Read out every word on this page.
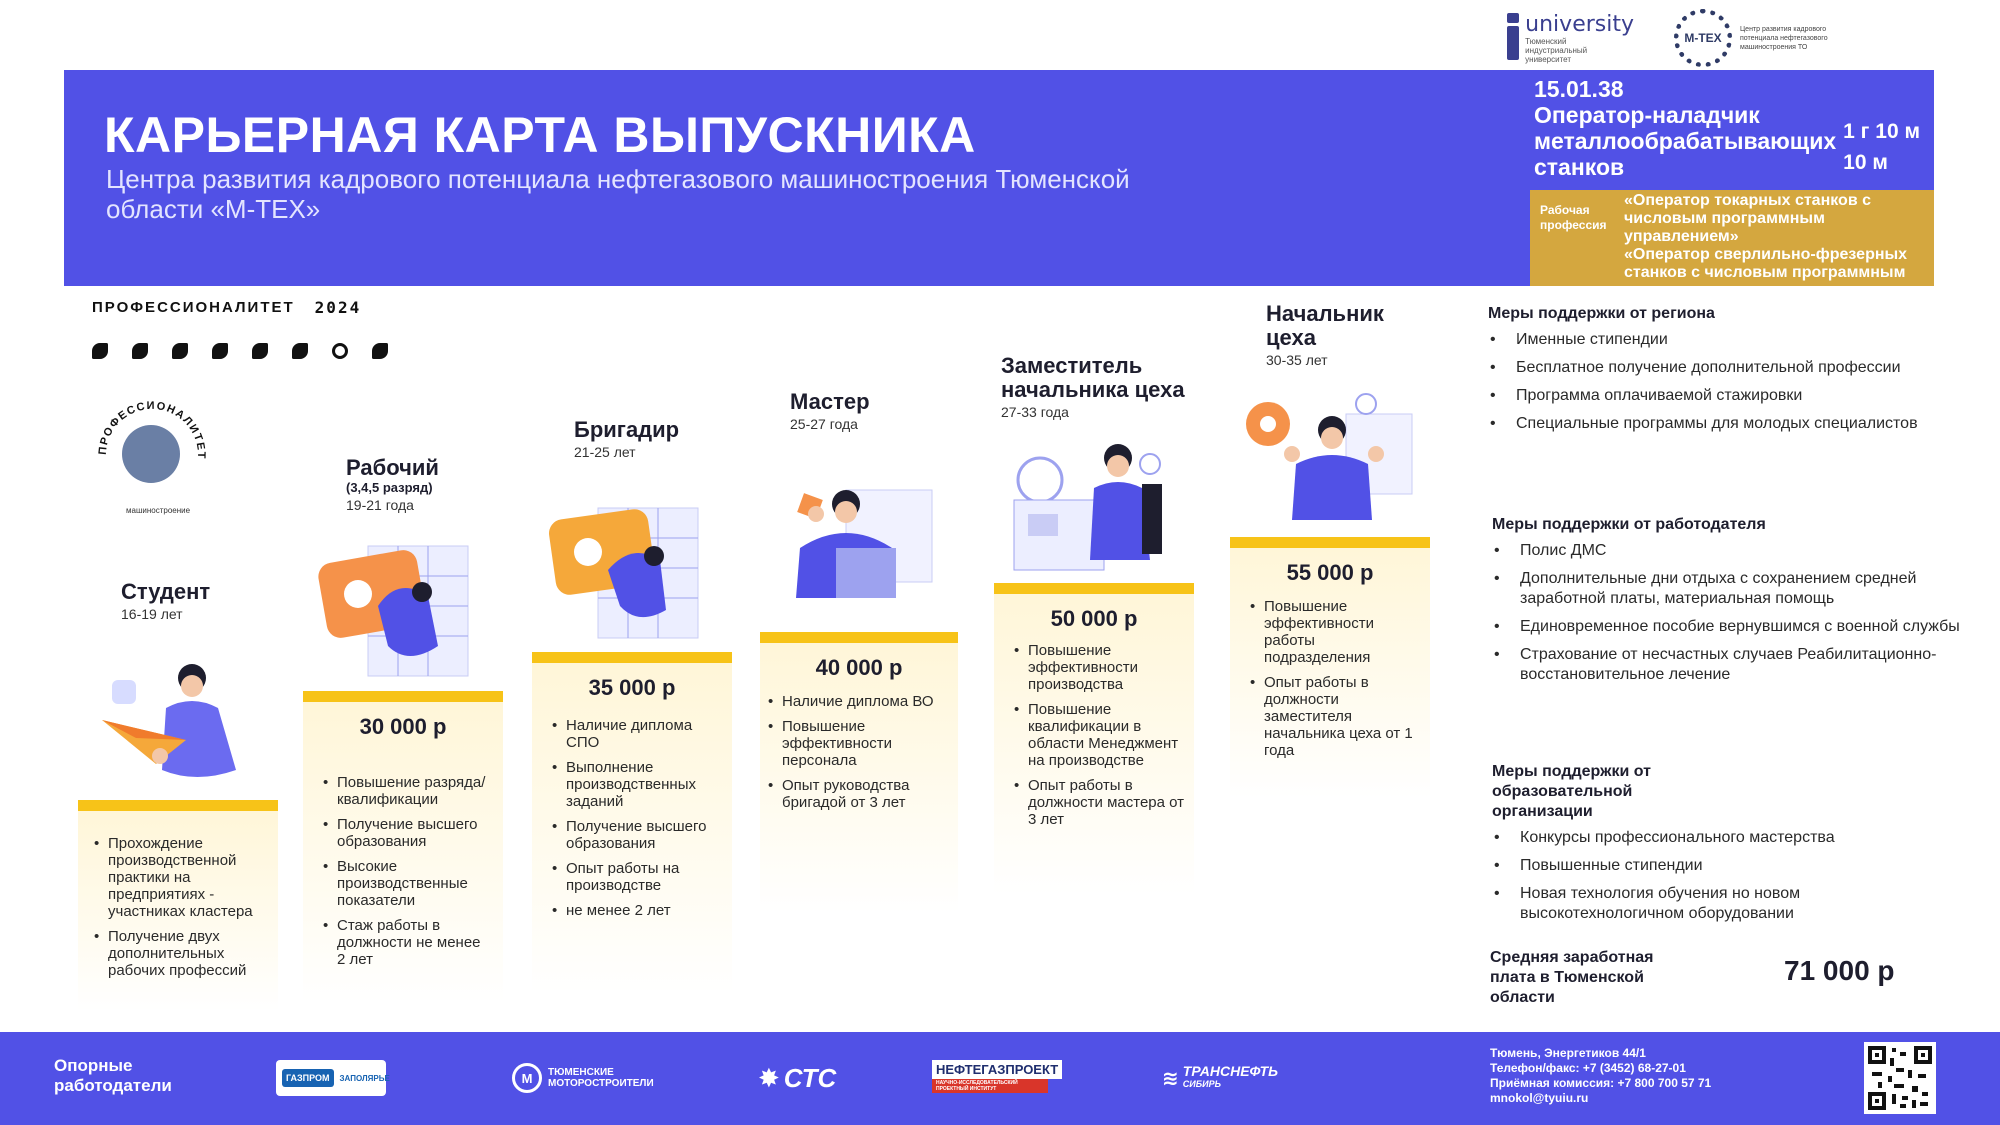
university
Тюменский индустриальный университет
М-ТЕХ
Центр развития кадрового потенциала нефтегазового машиностроения ТО
КАРЬЕРНАЯ КАРТА ВЫПУСКНИКА
Центра развития кадрового потенциала нефтегазового машиностроения Тюменской области «М-ТЕХ»
15.01.38
Оператор-наладчик металлообрабатывающих станков
1 г 10 м
10 м
Рабочая профессия
«Оператор токарных станков с числовым программным управлением»
«Оператор сверлильно-фрезерных станков с числовым программным управлением»
ПРОФЕССИОНАЛИТЕТ 2024
ПРОФЕССИОНАЛИТЕТ
машиностроение
Студент
16-19 лет
• Прохождение производственной практики на предприятиях - участниках кластера
• Получение двух дополнительных рабочих профессий
Рабочий
(3,4,5 разряд)
19-21 года
30 000 р
• Повышение разряда/ квалификации
• Получение высшего образования
• Высокие производственные показатели
• Стаж работы в должности не менее 2 лет
Бригадир
21-25 лет
35 000 р
• Наличие диплома СПО
• Выполнение производственных заданий
• Получение высшего образования
• Опыт работы на производстве
• не менее 2 лет
Мастер
25-27 года
40 000 р
• Наличие диплома ВО
• Повышение эффективности персонала
• Опыт руководства бригадой от 3 лет
Заместитель начальника цеха
27-33 года
50 000 р
• Повышение эффективности производства
• Повышение квалификации в области Менеджмент на производстве
• Опыт работы в должности мастера от 3 лет
Начальник цеха
30-35 лет
55 000 р
• Повышение эффективности работы подразделения
• Опыт работы в должности заместителя начальника цеха от 1 года
Меры поддержки от региона
• Именные стипендии
• Бесплатное получение дополнительной профессии
• Программа оплачиваемой стажировки
• Специальные программы для молодых специалистов
Меры поддержки от работодателя
• Полис ДМС
• Дополнительные дни отдыха с сохранением средней заработной платы, материальная помощь
• Единовременное пособие вернувшимся с военной службы
• Страхование от несчастных случаев Реабилитационно-восстановительное лечение
Меры поддержки от образовательной организации
• Конкурсы профессионального мастерства
• Повышенные стипендии
• Новая технология обучения но новом высокотехнологичном оборудовании
Средняя заработная плата в Тюменской области
71 000 р
Опорные работодатели	ГАЗПРОМ	ЗАПОЛЯРЬЕ	М	ТЮМЕНСКИЕ МОТОРОСТРОИТЕЛИ	✸ СТС	НЕФТЕГАЗПРОЕКТ
НАУЧНО-ИССЛЕДОВАТЕЛЬСКИЙ ПРОЕКТНЫЙ ИНСТИТУТ	≋ ТРАНСНЕФТЬ
СИБИРЬ
Тюмень, Энергетиков 44/1
Телефон/факс: +7 (3452) 68-27-01
Приёмная комиссия: +7 800 700 57 71
mnokol@tyuiu.ru
